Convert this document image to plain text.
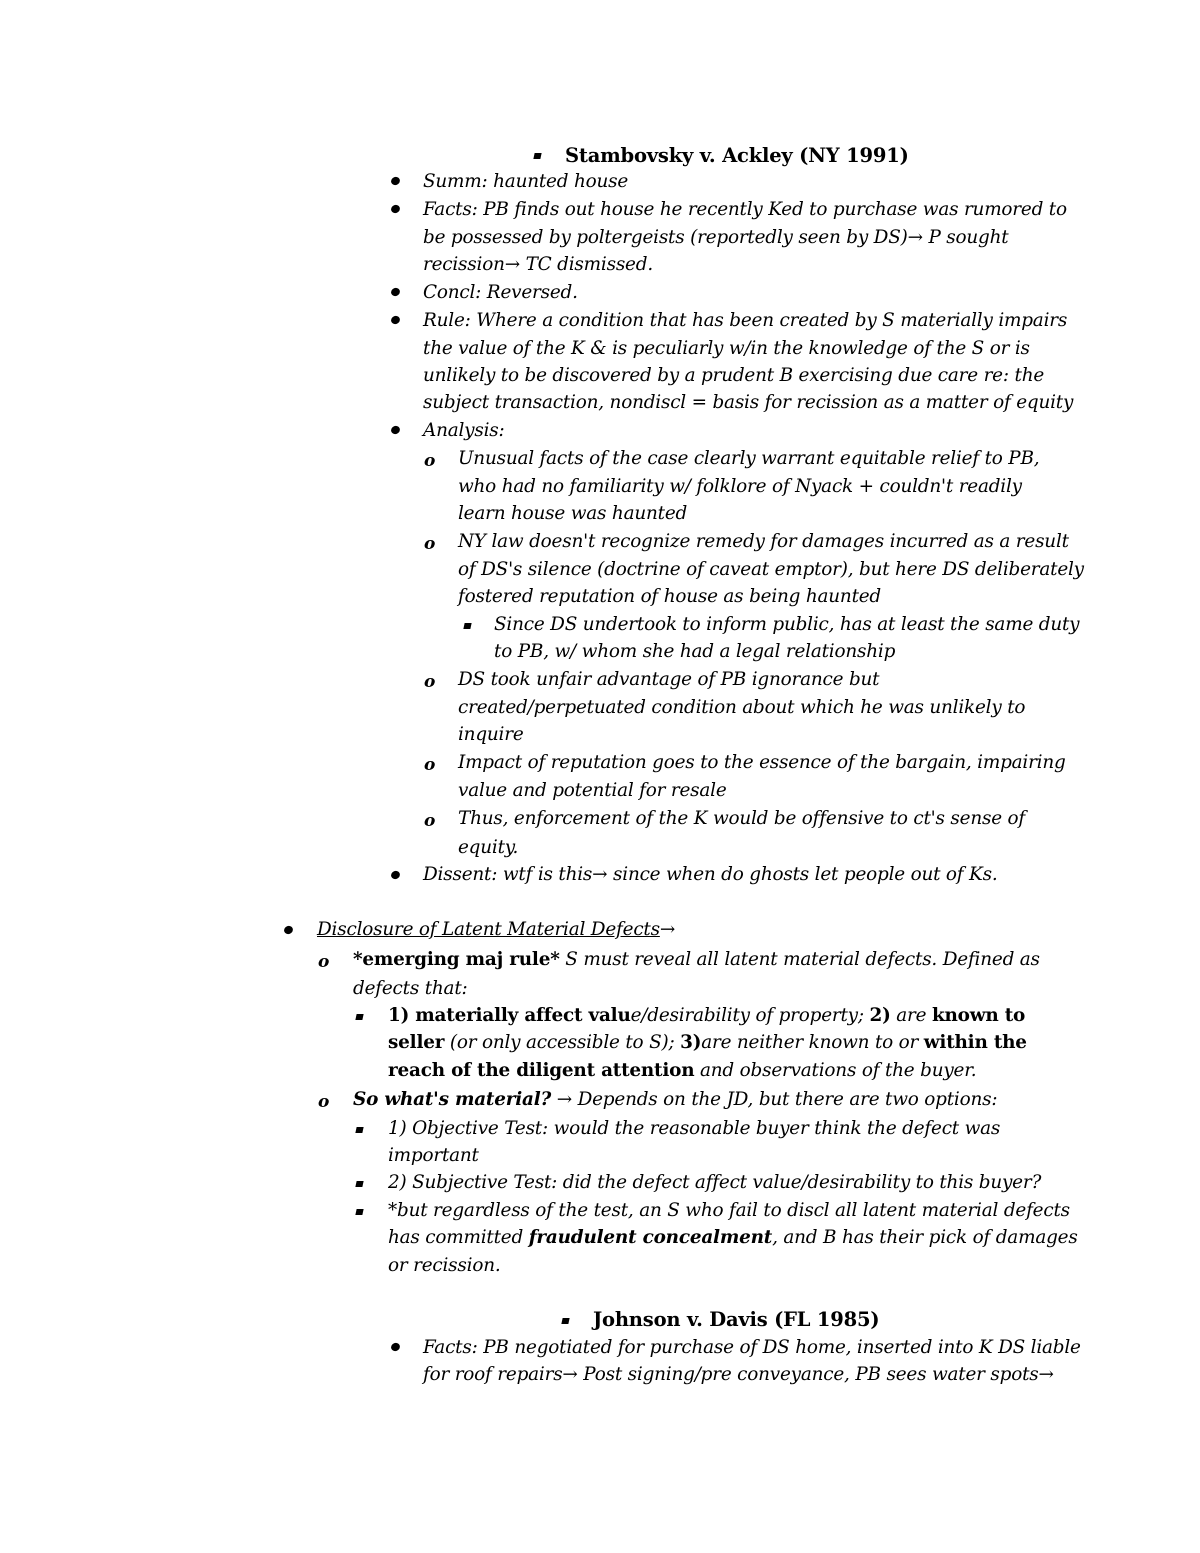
Stambovsky v. Ackley (NY 1991)
Summ: haunted house
Facts: PB finds out house he recently Ked to purchase was rumored to
be possessed by poltergeists (reportedly seen by DS)→ P sought
recission→ TC dismissed.
Concl: Reversed.
Rule: Where a condition that has been created by S materially impairs
the value of the K & is peculiarly w/in the knowledge of the S or is
unlikely to be discovered by a prudent B exercising due care re: the
subject transaction, nondiscl = basis for recission as a matter of equity
Analysis:
o Unusual facts of the case clearly warrant equitable relief to PB,
who had no familiarity w/ folklore of Nyack + couldn't readily
learn house was haunted
o NY law doesn't recognize remedy for damages incurred as a result
of DS's silence (doctrine of caveat emptor), but here DS deliberately
fostered reputation of house as being haunted
Since DS undertook to inform public, has at least the same duty
to PB, w/ whom she had a legal relationship
o DS took unfair advantage of PB ignorance but
created/perpetuated condition about which he was unlikely to
inquire
o Impact of reputation goes to the essence of the bargain, impairing
value and potential for resale
o Thus, enforcement of the K would be offensive to ct's sense of
equity.
Dissent: wtf is this→ since when do ghosts let people out of Ks.
Disclosure of Latent Material Defects→
o *emerging maj rule* S must reveal all latent material defects. Defined as
defects that:
1) materially affect value/desirability of property; 2) are known to
seller (or only accessible to S); 3)are neither known to or within the
reach of the diligent attention and observations of the buyer.
o So what's material? → Depends on the JD, but there are two options:
1) Objective Test: would the reasonable buyer think the defect was
important
2) Subjective Test: did the defect affect value/desirability to this buyer?
*but regardless of the test, an S who fail to discl all latent material defects
has committed fraudulent concealment, and B has their pick of damages
or recission.
Johnson v. Davis (FL 1985)
Facts: PB negotiated for purchase of DS home, inserted into K DS liable
for roof repairs→ Post signing/pre conveyance, PB sees water spots→
